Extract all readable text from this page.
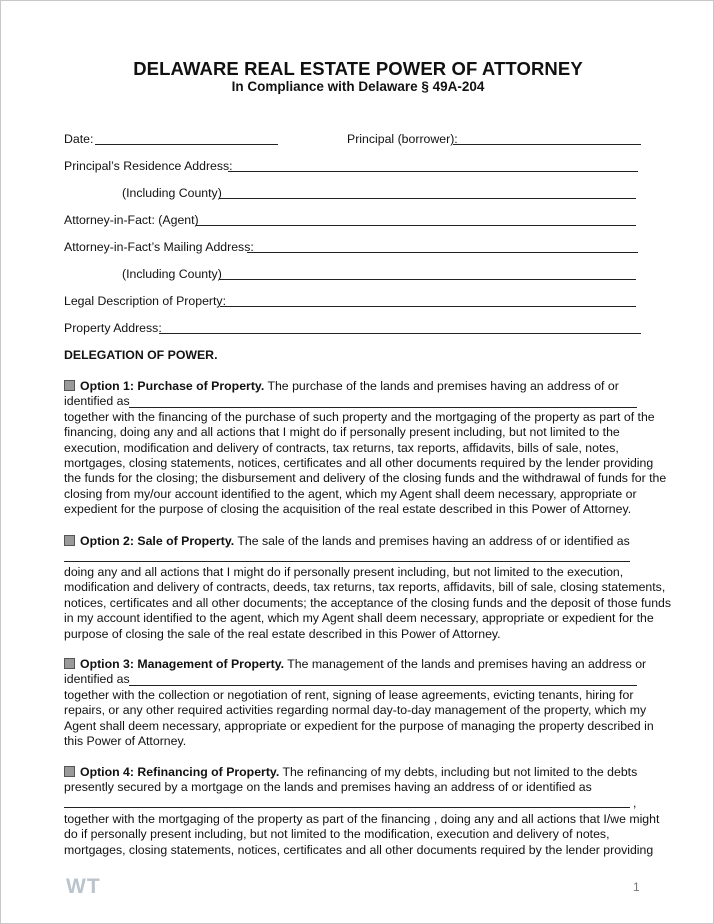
DELAWARE REAL ESTATE POWER OF ATTORNEY
In Compliance with Delaware § 49A-204
Date:	Principal (borrower):
Principal’s Residence Address:
(Including County)
Attorney-in-Fact: (Agent)
Attorney-in-Fact’s Mailing Address:
(Including County)
Legal Description of Property:
Property Address:
DELEGATION OF POWER.
Option 1: Purchase of Property. The purchase of the lands and premises having an address of or
identified as
together with the financing of the purchase of such property and the mortgaging of the property as part of the
financing, doing any and all actions that I might do if personally present including, but not limited to the
execution, modification and delivery of contracts, tax returns, tax reports, affidavits, bills of sale, notes,
mortgages, closing statements, notices, certificates and all other documents required by the lender providing
the funds for the closing; the disbursement and delivery of the closing funds and the withdrawal of funds for the
closing from my/our account identified to the agent, which my Agent shall deem necessary, appropriate or
expedient for the purpose of closing the acquisition of the real estate described in this Power of Attorney.
Option 2: Sale of Property. The sale of the lands and premises having an address of or identified as
doing any and all actions that I might do if personally present including, but not limited to the execution,
modification and delivery of contracts, deeds, tax returns, tax reports, affidavits, bill of sale, closing statements,
notices, certificates and all other documents; the acceptance of the closing funds and the deposit of those funds
in my account identified to the agent, which my Agent shall deem necessary, appropriate or expedient for the
purpose of closing the sale of the real estate described in this Power of Attorney.
Option 3: Management of Property. The management of the lands and premises having an address or
identified as
together with the collection or negotiation of rent, signing of lease agreements, evicting tenants, hiring for
repairs, or any other required activities regarding normal day-to-day management of the property, which my
Agent shall deem necessary, appropriate or expedient for the purpose of managing the property described in
this Power of Attorney.
Option 4: Refinancing of Property. The refinancing of my debts, including but not limited to the debts
presently secured by a mortgage on the lands and premises having an address of or identified as
,
together with the mortgaging of the property as part of the financing , doing any and all actions that I/we might
do if personally present including, but not limited to the modification, execution and delivery of notes,
mortgages, closing statements, notices, certificates and all other documents required by the lender providing
WT	1
